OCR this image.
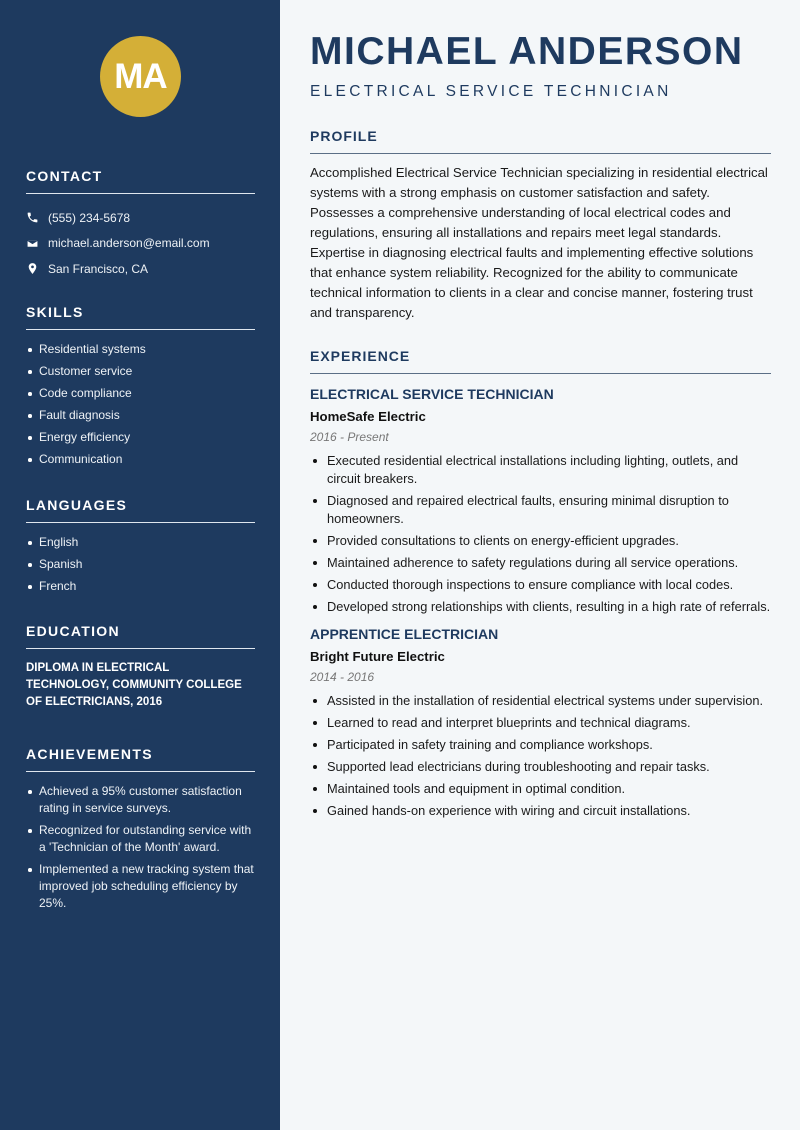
MA
CONTACT
(555) 234-5678
michael.anderson@email.com
San Francisco, CA
SKILLS
Residential systems
Customer service
Code compliance
Fault diagnosis
Energy efficiency
Communication
LANGUAGES
English
Spanish
French
EDUCATION
DIPLOMA IN ELECTRICAL TECHNOLOGY, COMMUNITY COLLEGE OF ELECTRICIANS, 2016
ACHIEVEMENTS
Achieved a 95% customer satisfaction rating in service surveys.
Recognized for outstanding service with a 'Technician of the Month' award.
Implemented a new tracking system that improved job scheduling efficiency by 25%.
MICHAEL ANDERSON
ELECTRICAL SERVICE TECHNICIAN
PROFILE

Accomplished Electrical Service Technician specializing in residential electrical systems with a strong emphasis on customer satisfaction and safety. Possesses a comprehensive understanding of local electrical codes and regulations, ensuring all installations and repairs meet legal standards. Expertise in diagnosing electrical faults and implementing effective solutions that enhance system reliability. Recognized for the ability to communicate technical information to clients in a clear and concise manner, fostering trust and transparency.

EXPERIENCE
ELECTRICAL SERVICE TECHNICIAN
HomeSafe Electric
2016 - Present
Executed residential electrical installations including lighting, outlets, and circuit breakers.
Diagnosed and repaired electrical faults, ensuring minimal disruption to homeowners.
Provided consultations to clients on energy-efficient upgrades.
Maintained adherence to safety regulations during all service operations.
Conducted thorough inspections to ensure compliance with local codes.
Developed strong relationships with clients, resulting in a high rate of referrals.
APPRENTICE ELECTRICIAN
Bright Future Electric
2014 - 2016
Assisted in the installation of residential electrical systems under supervision.
Learned to read and interpret blueprints and technical diagrams.
Participated in safety training and compliance workshops.
Supported lead electricians during troubleshooting and repair tasks.
Maintained tools and equipment in optimal condition.
Gained hands-on experience with wiring and circuit installations.
